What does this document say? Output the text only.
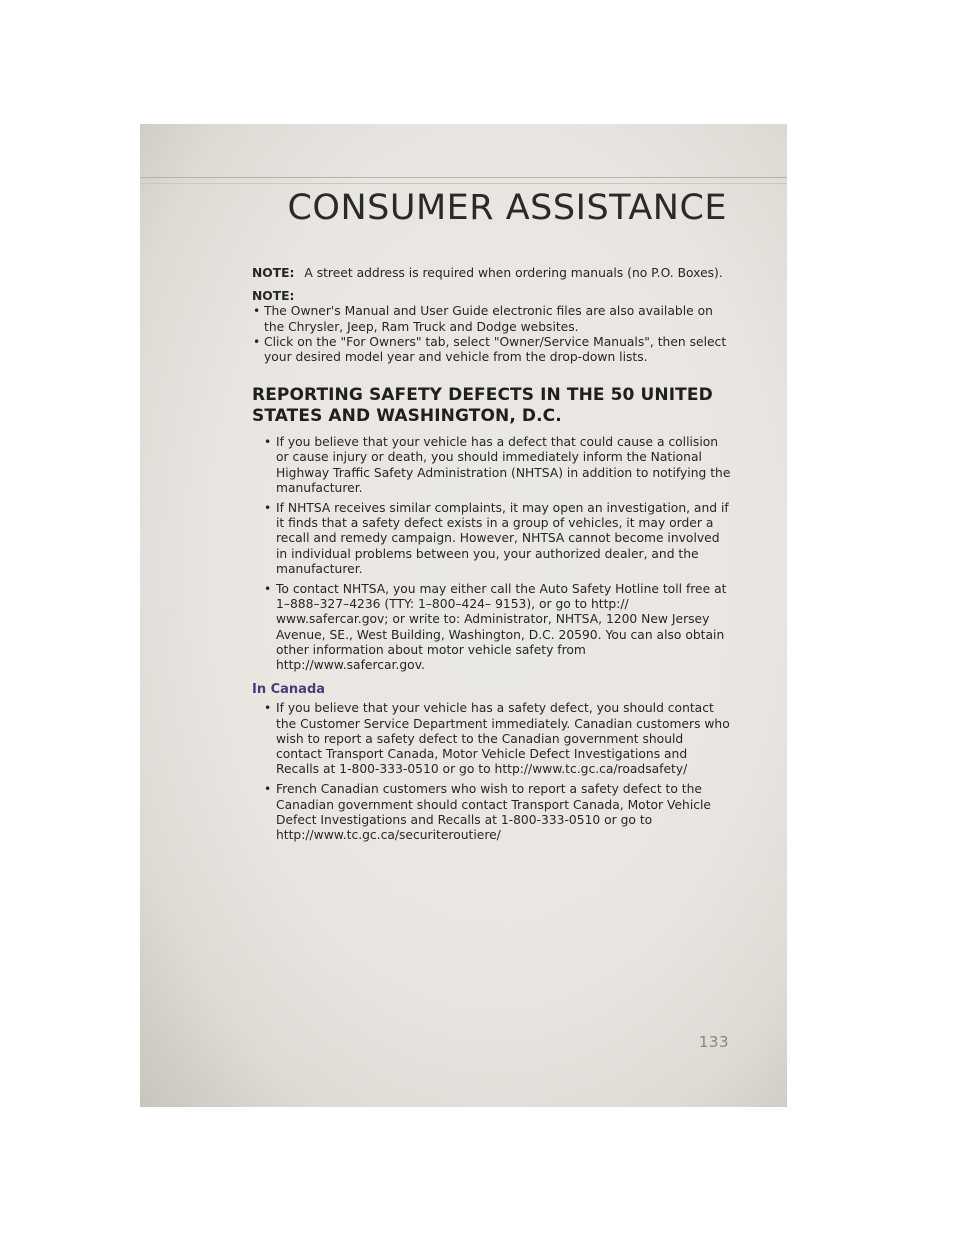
CONSUMER ASSISTANCE

NOTE: A street address is required when ordering manuals (no P.O. Boxes).

NOTE:
• The Owner's Manual and User Guide electronic files are also available on the Chrysler, Jeep, Ram Truck and Dodge websites.
• Click on the "For Owners" tab, select "Owner/Service Manuals", then select your desired model year and vehicle from the drop-down lists.
REPORTING SAFETY DEFECTS IN THE 50 UNITED STATES AND WASHINGTON, D.C.
• If you believe that your vehicle has a defect that could cause a collision or cause injury or death, you should immediately inform the National Highway Traffic Safety Administration (NHTSA) in addition to notifying the manufacturer.
• If NHTSA receives similar complaints, it may open an investigation, and if it finds that a safety defect exists in a group of vehicles, it may order a recall and remedy campaign. However, NHTSA cannot become involved in individual problems between you, your authorized dealer, and the manufacturer.
• To contact NHTSA, you may either call the Auto Safety Hotline toll free at 1–888–327–4236 (TTY: 1–800–424– 9153), or go to http:// www.safercar.gov; or write to: Administrator, NHTSA, 1200 New Jersey Avenue, SE., West Building, Washington, D.C. 20590. You can also obtain other information about motor vehicle safety from http://www.safercar.gov.
In Canada
• If you believe that your vehicle has a safety defect, you should contact the Customer Service Department immediately. Canadian customers who wish to report a safety defect to the Canadian government should contact Transport Canada, Motor Vehicle Defect Investigations and Recalls at 1-800-333-0510 or go to http://www.tc.gc.ca/roadsafety/
• French Canadian customers who wish to report a safety defect to the Canadian government should contact Transport Canada, Motor Vehicle Defect Investigations and Recalls at 1-800-333-0510 or go to http://www.tc.gc.ca/securiteroutiere/
133
